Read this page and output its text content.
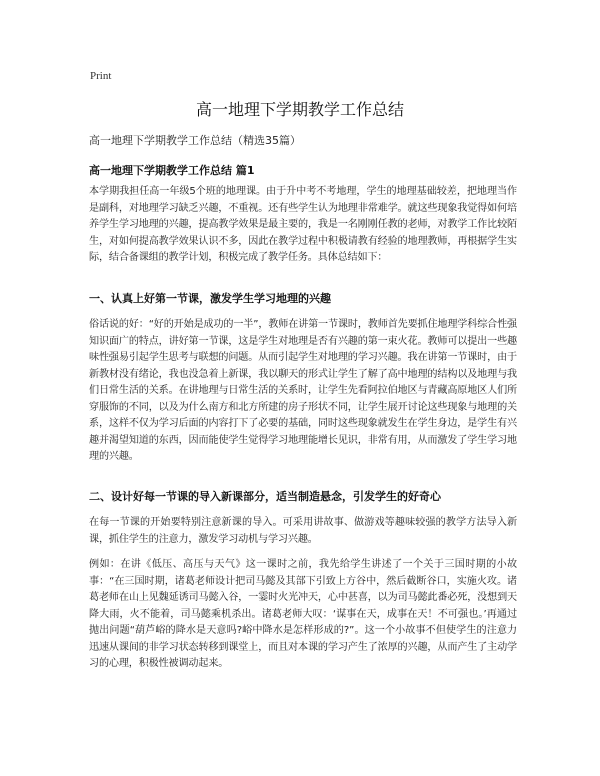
Print
高一地理下学期教学工作总结
高一地理下学期教学工作总结（精选35篇）
高一地理下学期教学工作总结 篇1

本学期我担任高一年级5个班的地理课。由于升中考不考地理，学生的地理基础较差，把地理当作是副科，对地理学习缺乏兴趣，不重视。还有些学生认为地理非常难学。就这些现象我觉得如何培养学生学习地理的兴趣，提高教学效果是最主要的，我是一名刚刚任教的老师，对教学工作比较陌生，对如何提高教学效果认识不多，因此在教学过程中积极请教有经验的地理教师，再根据学生实际，结合备课组的教学计划，积极完成了教学任务。具体总结如下：

一、认真上好第一节课，激发学生学习地理的兴趣

俗话说的好：“好的开始是成功的一半”，教师在讲第一节课时，教师首先要抓住地理学科综合性强知识面广的特点，讲好第一节课，这是学生对地理是否有兴趣的第一束火花。教师可以提出一些趣味性强易引起学生思考与联想的问题。从而引起学生对地理的学习兴趣。我在讲第一节课时，由于新教材没有绪论，我也没急着上新课，我以聊天的形式让学生了解了高中地理的结构以及地理与我们日常生活的关系。在讲地理与日常生活的关系时，让学生先看阿拉伯地区与青藏高原地区人们所穿服饰的不同，以及为什么南方和北方所建的房子形状不同，让学生展开讨论这些现象与地理的关系，这样不仅为学习后面的内容打下了必要的基础，同时这些现象就发生在学生身边，是学生有兴趣并渴望知道的东西，因而能使学生觉得学习地理能增长见识，非常有用，从而激发了学生学习地理的兴趣。

二、设计好每一节课的导入新课部分，适当制造悬念，引发学生的好奇心

在每一节课的开始要特别注意新课的导入。可采用讲故事、做游戏等趣味较强的教学方法导入新课，抓住学生的注意力，激发学习动机与学习兴趣。

例如：在讲《低压、高压与天气》这一课时之前，我先给学生讲述了一个关于三国时期的小故事：“在三国时期，诸葛老师设计把司马懿及其部下引致上方谷中，然后截断谷口，实施火攻。诸葛老师在山上见魏延诱司马懿入谷，一霎时火光冲天，心中甚喜，以为司马懿此番必死，没想到天降大雨，火不能着，司马懿乘机杀出。诸葛老师大叹：‘谋事在天，成事在天！不可强也。’再通过抛出问题“葫芦峪的降水是天意吗?峪中降水是怎样形成的?”。这一个小故事不但使学生的注意力迅速从课间的非学习状态转移到课堂上，而且对本课的学习产生了浓厚的兴趣，从而产生了主动学习的心理，积极性被调动起来。
